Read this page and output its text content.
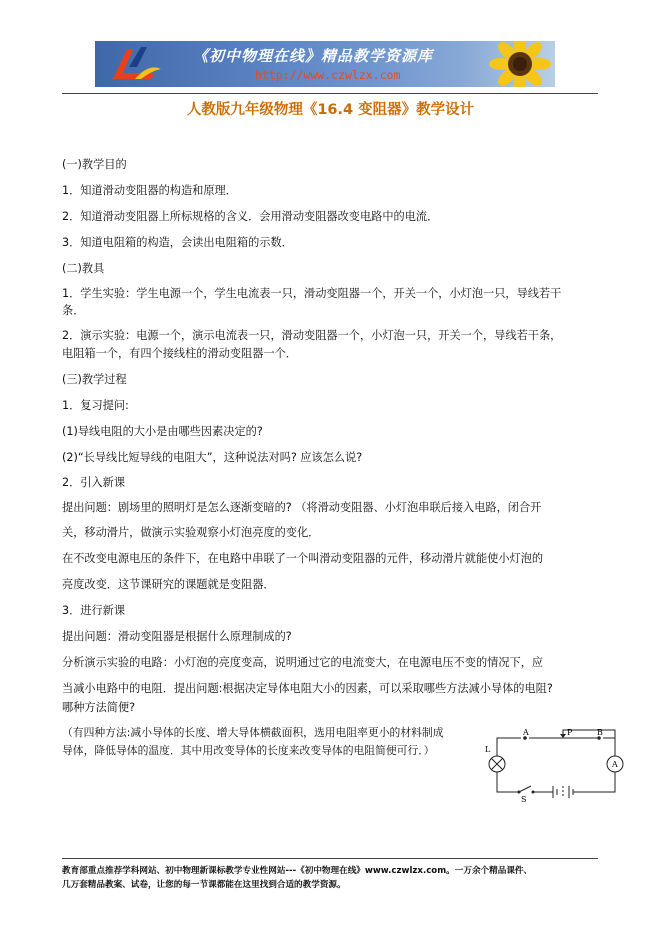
《初中物理在线》精品教学资源库
http://www.czwlzx.com
人教版九年级物理《16.4 变阻器》教学设计
(一)教学目的
1．知道滑动变阻器的构造和原理．
2．知道滑动变阻器上所标规格的含义．会用滑动变阻器改变电路中的电流．
3．知道电阻箱的构造，会读出电阻箱的示数．
(二)教具
1．学生实验：学生电源一个，学生电流表一只，滑动变阻器一个，开关一个，小灯泡一只，导线若干
条．
2．演示实验：电源一个，演示电流表一只，滑动变阻器一个，小灯泡一只，开关一个，导线若干条，
电阻箱一个，有四个接线柱的滑动变阻器一个．
(三)教学过程
1．复习提问:
(1)导线电阻的大小是由哪些因素决定的?
(2)“长导线比短导线的电阻大”，这种说法对吗? 应该怎么说?
2．引入新课
提出问题：剧场里的照明灯是怎么逐渐变暗的? （将滑动变阻器、小灯泡串联后接入电路，闭合开
关，移动滑片，做演示实验观察小灯泡亮度的变化．
在不改变电源电压的条件下，在电路中串联了一个叫滑动变阻器的元件，移动滑片就能使小灯泡的
亮度改变．这节课研究的课题就是变阻器．
3．进行新课
提出问题：滑动变阻器是根据什么原理制成的?
分析演示实验的电路：小灯泡的亮度变高，说明通过它的电流变大，在电源电压不变的情况下，应
当减小电路中的电阻．提出问题:根据决定导体电阻大小的因素，可以采取哪些方法减小导体的电阻?
哪种方法简便?
（有四种方法:减小导体的长度、增大导体横截面积，选用电阻率更小的材料制成
导体，降低导体的温度．其中用改变导体的长度来改变导体的电阻简便可行．）	L
A	P	B
A
S
教育部重点推荐学科网站、初中物理新课标教学专业性网站---《初中物理在线》www.czwlzx.com。一万余个精品课件、
几万套精品教案、试卷，让您的每一节课都能在这里找到合适的教学资源。
